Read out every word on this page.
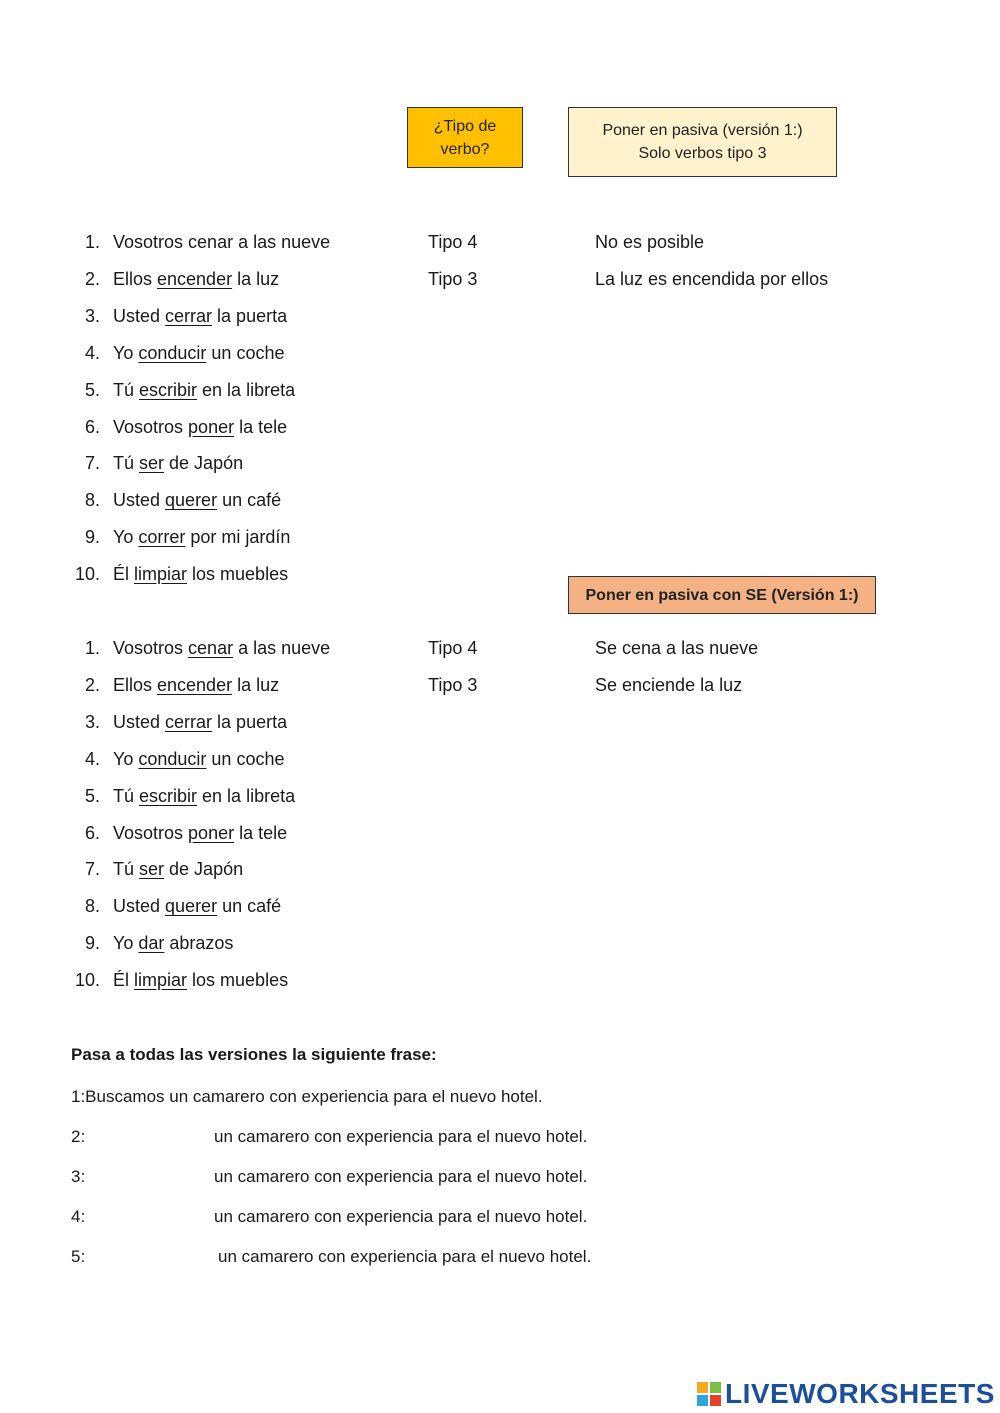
¿Tipo de
verbo?
Poner en pasiva (versión 1:)
Solo verbos tipo 3
Poner en pasiva con SE (Versión 1:)
1. Vosotros cenar a las nueve	Tipo 4	No es posible
2. Ellos encender la luz	Tipo 3	La luz es encendida por ellos
3. Usted cerrar la puerta
4. Yo conducir un coche
5. Tú escribir en la libreta
6. Vosotros poner la tele
7. Tú ser de Japón
8. Usted querer un café
9. Yo correr por mi jardín
10. Él limpiar los muebles
1. Vosotros cenar a las nueve	Tipo 4	Se cena a las nueve
2. Ellos encender la luz	Tipo 3	Se enciende la luz
3. Usted cerrar la puerta
4. Yo conducir un coche
5. Tú escribir en la libreta
6. Vosotros poner la tele
7. Tú ser de Japón
8. Usted querer un café
9. Yo dar abrazos
10. Él limpiar los muebles
Pasa a todas las versiones la siguiente frase:
1:Buscamos un camarero con experiencia para el nuevo hotel.
2:	un camarero con experiencia para el nuevo hotel.
3:	un camarero con experiencia para el nuevo hotel.
4:	un camarero con experiencia para el nuevo hotel.
5:	un camarero con experiencia para el nuevo hotel.
LIVEWORKSHEETS
